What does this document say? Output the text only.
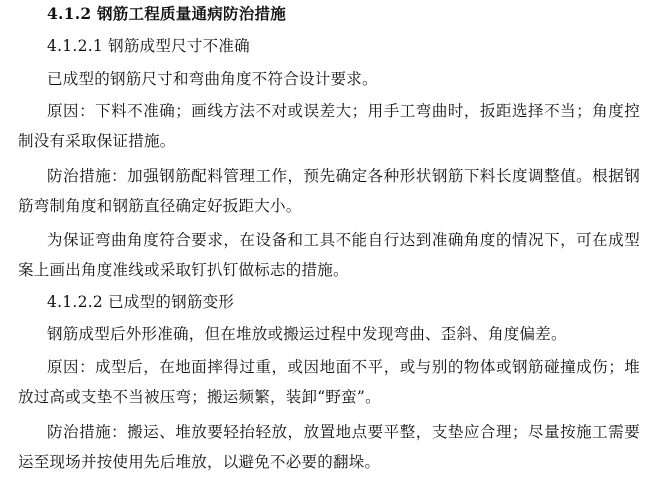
4.1.2 钢筋工程质量通病防治措施
4.1.2.1 钢筋成型尺寸不准确
已成型的钢筋尺寸和弯曲角度不符合设计要求。
原因：下料不准确；画线方法不对或误差大；用手工弯曲时，扳距选择不当；角度控
制没有采取保证措施。
防治措施：加强钢筋配料管理工作，预先确定各种形状钢筋下料长度调整值。根据钢
筋弯制角度和钢筋直径确定好扳距大小。
为保证弯曲角度符合要求，在设备和工具不能自行达到准确角度的情况下，可在成型
案上画出角度准线或采取钉扒钉做标志的措施。
4.1.2.2 已成型的钢筋变形
钢筋成型后外形准确，但在堆放或搬运过程中发现弯曲、歪斜、角度偏差。
原因：成型后，在地面摔得过重，或因地面不平，或与别的物体或钢筋碰撞成伤；堆
放过高或支垫不当被压弯；搬运频繁，装卸“野蛮”。
防治措施：搬运、堆放要轻抬轻放，放置地点要平整，支垫应合理；尽量按施工需要
运至现场并按使用先后堆放，以避免不必要的翻垛。
